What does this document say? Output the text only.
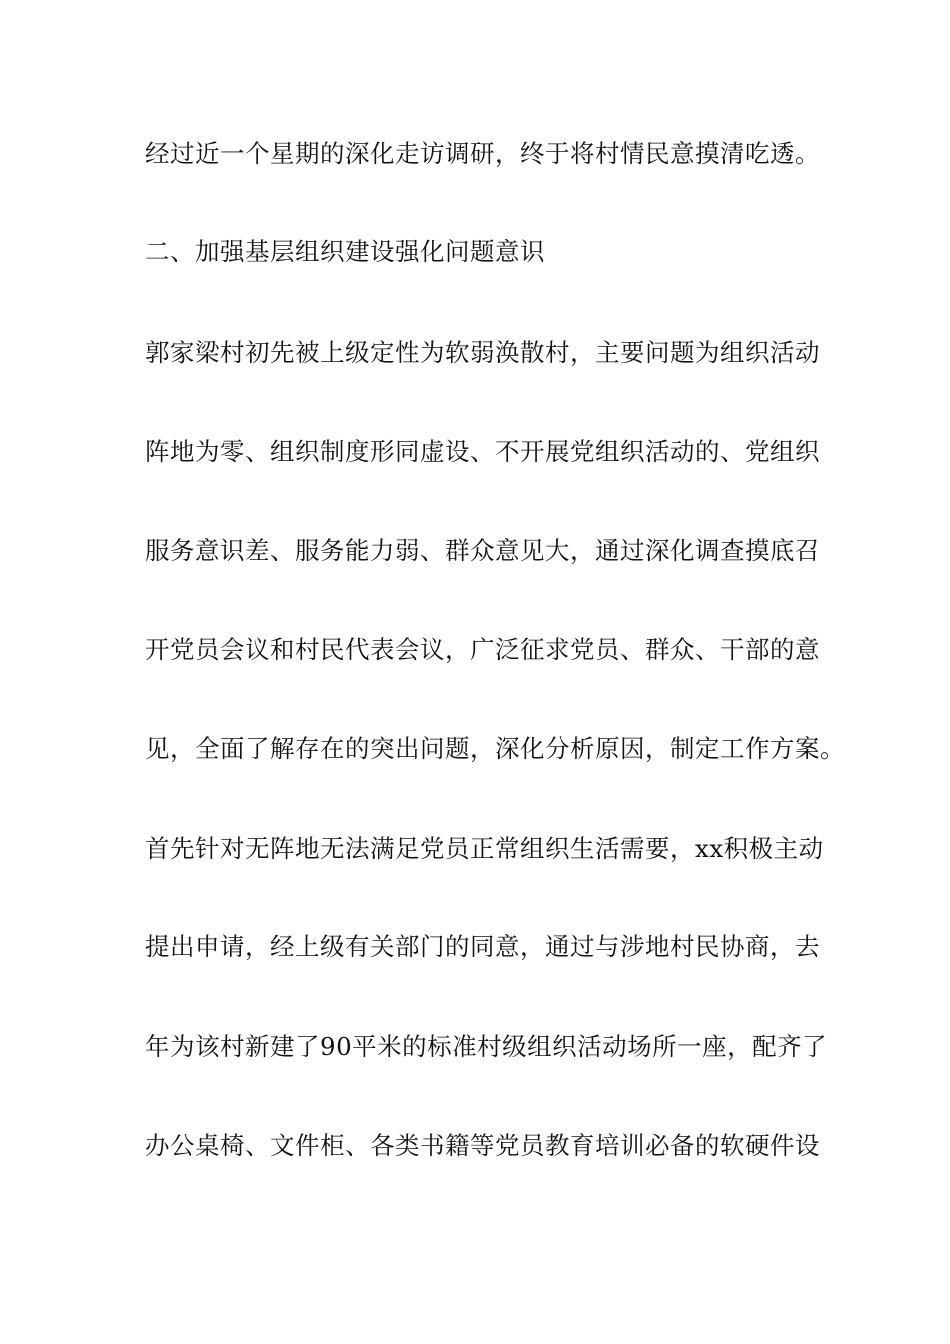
经过近一个星期的深化走访调研，终于将村情民意摸清吃透。
二、加强基层组织建设强化问题意识
郭家梁村初先被上级定性为软弱涣散村，主要问题为组织活动
阵地为零、组织制度形同虚设、不开展党组织活动的、党组织
服务意识差、服务能力弱、群众意见大，通过深化调查摸底召
开党员会议和村民代表会议，广泛征求党员、群众、干部的意
见，全面了解存在的突出问题，深化分析原因，制定工作方案。
首先针对无阵地无法满足党员正常组织生活需要，xx积极主动
提出申请，经上级有关部门的同意，通过与涉地村民协商，去
年为该村新建了90平米的标准村级组织活动场所一座，配齐了
办公桌椅、文件柜、各类书籍等党员教育培训必备的软硬件设
